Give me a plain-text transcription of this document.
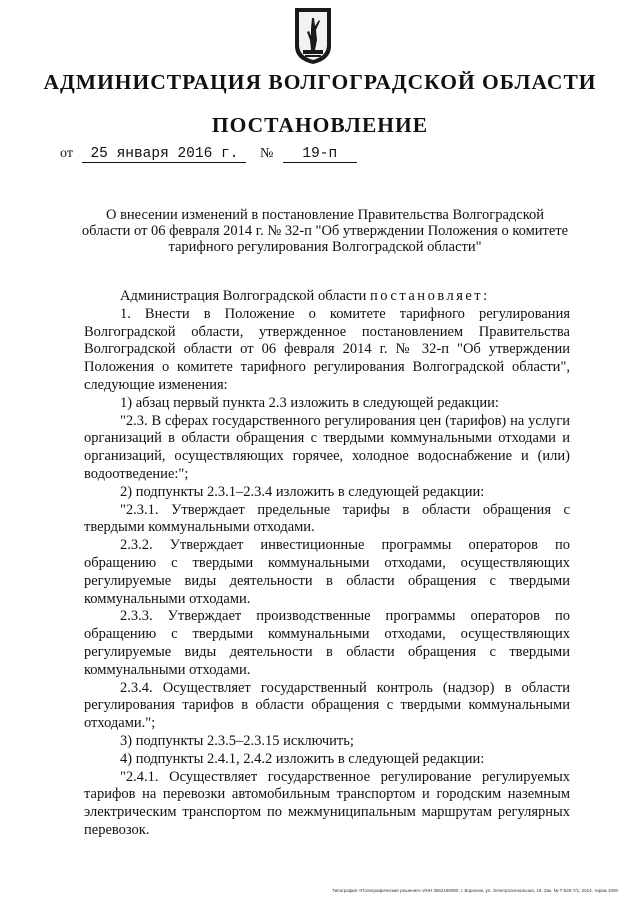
АДМИНИСТРАЦИЯ ВОЛГОГРАДСКОЙ ОБЛАСТИ
ПОСТАНОВЛЕНИЕ
от 25 января 2016 г. № 19-п
О внесении изменений в постановление Правительства Волгоградской области от 06 февраля 2014 г. № 32-п "Об утверждении Положения о комитете тарифного регулирования Волгоградской области"

Администрация Волгоградской области постановляет:

1. Внести в Положение о комитете тарифного регулирования Волгоградской области, утвержденное постановлением Правительства Волгоградской области от 06 февраля 2014 г. № 32-п "Об утверждении Положения о комитете тарифного регулирования Волгоградской области", следующие изменения:

1) абзац первый пункта 2.3 изложить в следующей редакции:

"2.3. В сферах государственного регулирования цен (тарифов) на услуги организаций в области обращения с твердыми коммунальными отходами и организаций, осуществляющих горячее, холодное водоснабжение и (или) водоотведение:";

2) подпункты 2.3.1–2.3.4 изложить в следующей редакции:

"2.3.1. Утверждает предельные тарифы в области обращения с твердыми коммунальными отходами.

2.3.2. Утверждает инвестиционные программы операторов по обращению с твердыми коммунальными отходами, осуществляющих регулируемые виды деятельности в области обращения с твердыми коммунальными отходами.

2.3.3. Утверждает производственные программы операторов по обращению с твердыми коммунальными отходами, осуществляющих регулируемые виды деятельности в области обращения с твердыми коммунальными отходами.

2.3.4. Осуществляет государственный контроль (надзор) в области регулирования тарифов в области обращения с твердыми коммунальными отходами.";

3) подпункты 2.3.5–2.3.15 исключить;

4) подпункты 2.4.1, 2.4.2 изложить в следующей редакции:

"2.4.1. Осуществляет государственное регулирование регулируемых тарифов на перевозки автомобильным транспортом и городским наземным электрическим транспортом по межмуниципальным маршрутам регулярных перевозок.

Типография «Полиграфические решения» ИНН 3662186090, г. Воронеж, ул. Электросигнальная, 19. Зак. № Т-528-7/1, 2014. тираж 1000
